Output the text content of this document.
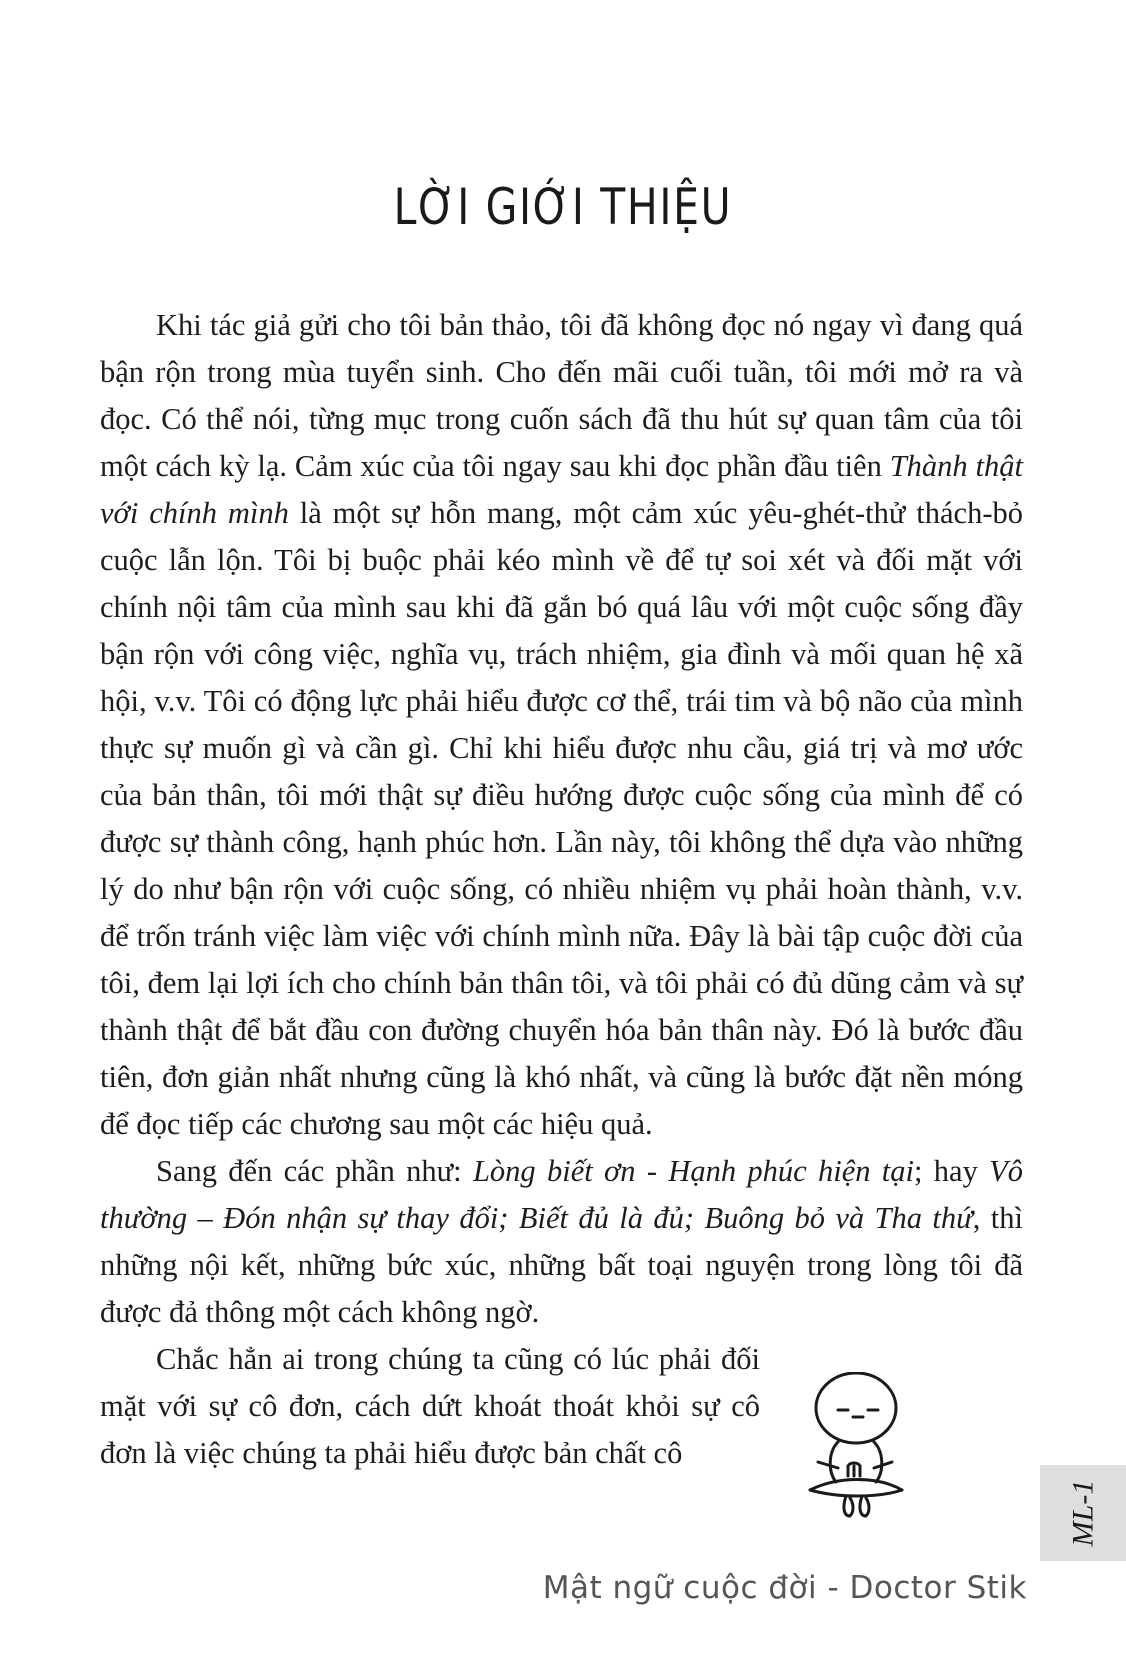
LỜI GIỚI THIỆU

Khi tác giả gửi cho tôi bản thảo, tôi đã không đọc nó ngay vì đang quá bận rộn trong mùa tuyển sinh. Cho đến mãi cuối tuần, tôi mới mở ra và đọc. Có thể nói, từng mục trong cuốn sách đã thu hút sự quan tâm của tôi một cách kỳ lạ. Cảm xúc của tôi ngay sau khi đọc phần đầu tiên Thành thật với chính mình là một sự hỗn mang, một cảm xúc yêu-ghét-thử thách-bỏ cuộc lẫn lộn. Tôi bị buộc phải kéo mình về để tự soi xét và đối mặt với chính nội tâm của mình sau khi đã gắn bó quá lâu với một cuộc sống đầy bận rộn với công việc, nghĩa vụ, trách nhiệm, gia đình và mối quan hệ xã hội, v.v. Tôi có động lực phải hiểu được cơ thể, trái tim và bộ não của mình thực sự muốn gì và cần gì. Chỉ khi hiểu được nhu cầu, giá trị và mơ ước của bản thân, tôi mới thật sự điều hướng được cuộc sống của mình để có được sự thành công, hạnh phúc hơn. Lần này, tôi không thể dựa vào những lý do như bận rộn với cuộc sống, có nhiều nhiệm vụ phải hoàn thành, v.v. để trốn tránh việc làm việc với chính mình nữa. Đây là bài tập cuộc đời của tôi, đem lại lợi ích cho chính bản thân tôi, và tôi phải có đủ dũng cảm và sự thành thật để bắt đầu con đường chuyển hóa bản thân này. Đó là bước đầu tiên, đơn giản nhất nhưng cũng là khó nhất, và cũng là bước đặt nền móng để đọc tiếp các chương sau một các hiệu quả.

Sang đến các phần như: Lòng biết ơn - Hạnh phúc hiện tại; hay Vô thường – Đón nhận sự thay đổi; Biết đủ là đủ; Buông bỏ và Tha thứ, thì những nội kết, những bức xúc, những bất toại nguyện trong lòng tôi đã được đả thông một cách không ngờ.

Chắc hẳn ai trong chúng ta cũng có lúc phải đối mặt với sự cô đơn, cách dứt khoát thoát khỏi sự cô đơn là việc chúng ta phải hiểu được bản chất cô

ML-1
Mật ngữ cuộc đời - Doctor Stik
